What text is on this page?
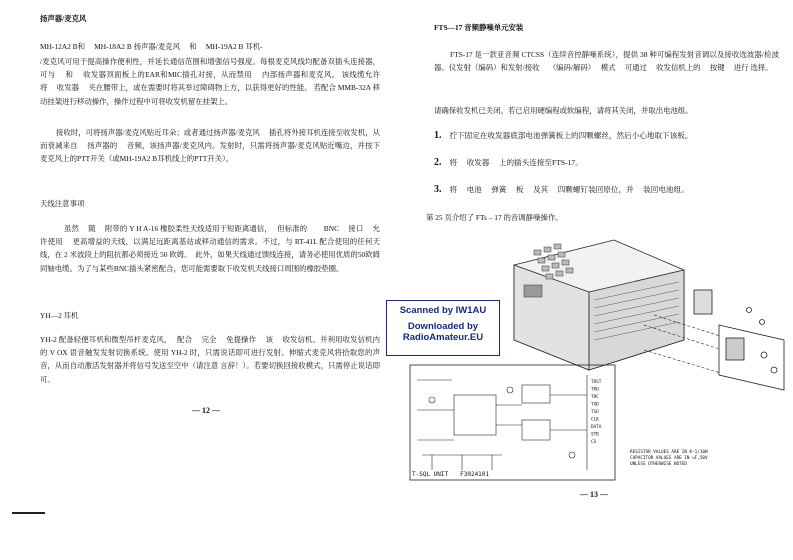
扬声器/麦克风

MH-12A2 B和　 MH-18A2 B 扬声器/麦克风　 和　 MH-19A2 B 耳机-

/麦克风可用于提高操作便利性，并延长通信范围和增强信号强度。每根麦克风线均配备双插头连接器，可与　 和　 收发器顶面板上的EAR和MIC插孔对接，从而禁用　 内部扬声器和麦克风。 该线缆允许　 将　 收发器　 夹在腰带上，或在需要时将其举过障碍物上方，以获得更好的性能。 若配合 MMB-32A 移动挂架进行移动操作，操作过程中可将收发机留在挂架上。

接收时，可将扬声器/麦克风贴近耳朵；或者通过扬声器/麦克风　 插孔将外接耳机连接至收发机，从而衰减来自　 扬声器的　 音频，该扬声器/麦克风内。发射时，只需将扬声器/麦克风贴近嘴边，并按下麦克风上的PTT开关（或MH-19A2 B耳机线上的PTT开关）。

天线注意事项

虽然　 随　 附带的 Y H A-16 橡胶柔性天线适用于短距离通信，　 但标准的　 　BNC　 接口　 允许使用　 更高增益的天线，以满足远距离基站或移动通信的需求。不过，与 RT-41L 配合使用的任何天线，在 2 米波段上的阻抗都必须接近 50 欧姆。　此外，如果天线通过馈线连接，请务必使用优质的50欧姆同轴电缆。为了与某些BNC插头紧密配合，您可能需要取下收发机天线接口周围的橡胶垫圈。

YH—2 耳机

YH-2 配备轻便耳机和微型吊杆麦克风，　 配合　 完全　 免提操作　 该　 收发信机。并利用收发信机内的 V OX 语音触发发射切换系统。使用 YH-2 时，只需说话即可进行发射。伸缩式麦克风将拾取您的声音，从而自动激活发射器并将信号发送至空中（请注意 言辞！）。若要切换回接收模式，只需停止说话即可。

— 12 —

FTS—17 音频静噪单元安装

FTS-17 是一款亚音频 CTCSS（连续音控静噪系统），提供 38 种可编程发射音调以及接收选波器/检波器。仪发射（编码）和发射/接收　 （编码/解码）　 模式　 可通过　 收发信机上的　 按键　 进行 选择。

请确保收发机已关闭。若已启用硬编程或软编程，请将其关闭，并取出电池组。

1. 拧下固定在收发器底部电池弹簧板上的四颗螺丝，然后小心地取下该板。
2. 将　 收发器　 上的插头连接至FTS-17。
3. 将　 电池　 弹簧　 板　 及其　 四颗螺钉装回原位，并　 装回电池组。

第 25 页介绍了 FTs – 17 的音调静噪操作。

T-SQL UNIT　　F3024101
TRST
TRO
TRC
TXD
TSO
CLK
DATA
STB
CS
RESISTOR VALUES ARE IN K-1/10W
CAPACITOR VALUES ARE IN uF,50V
UNLESS OTHERWISE NOTED
— 13 —
Scanned by IW1AU
Downloaded by
RadioAmateur.EU
